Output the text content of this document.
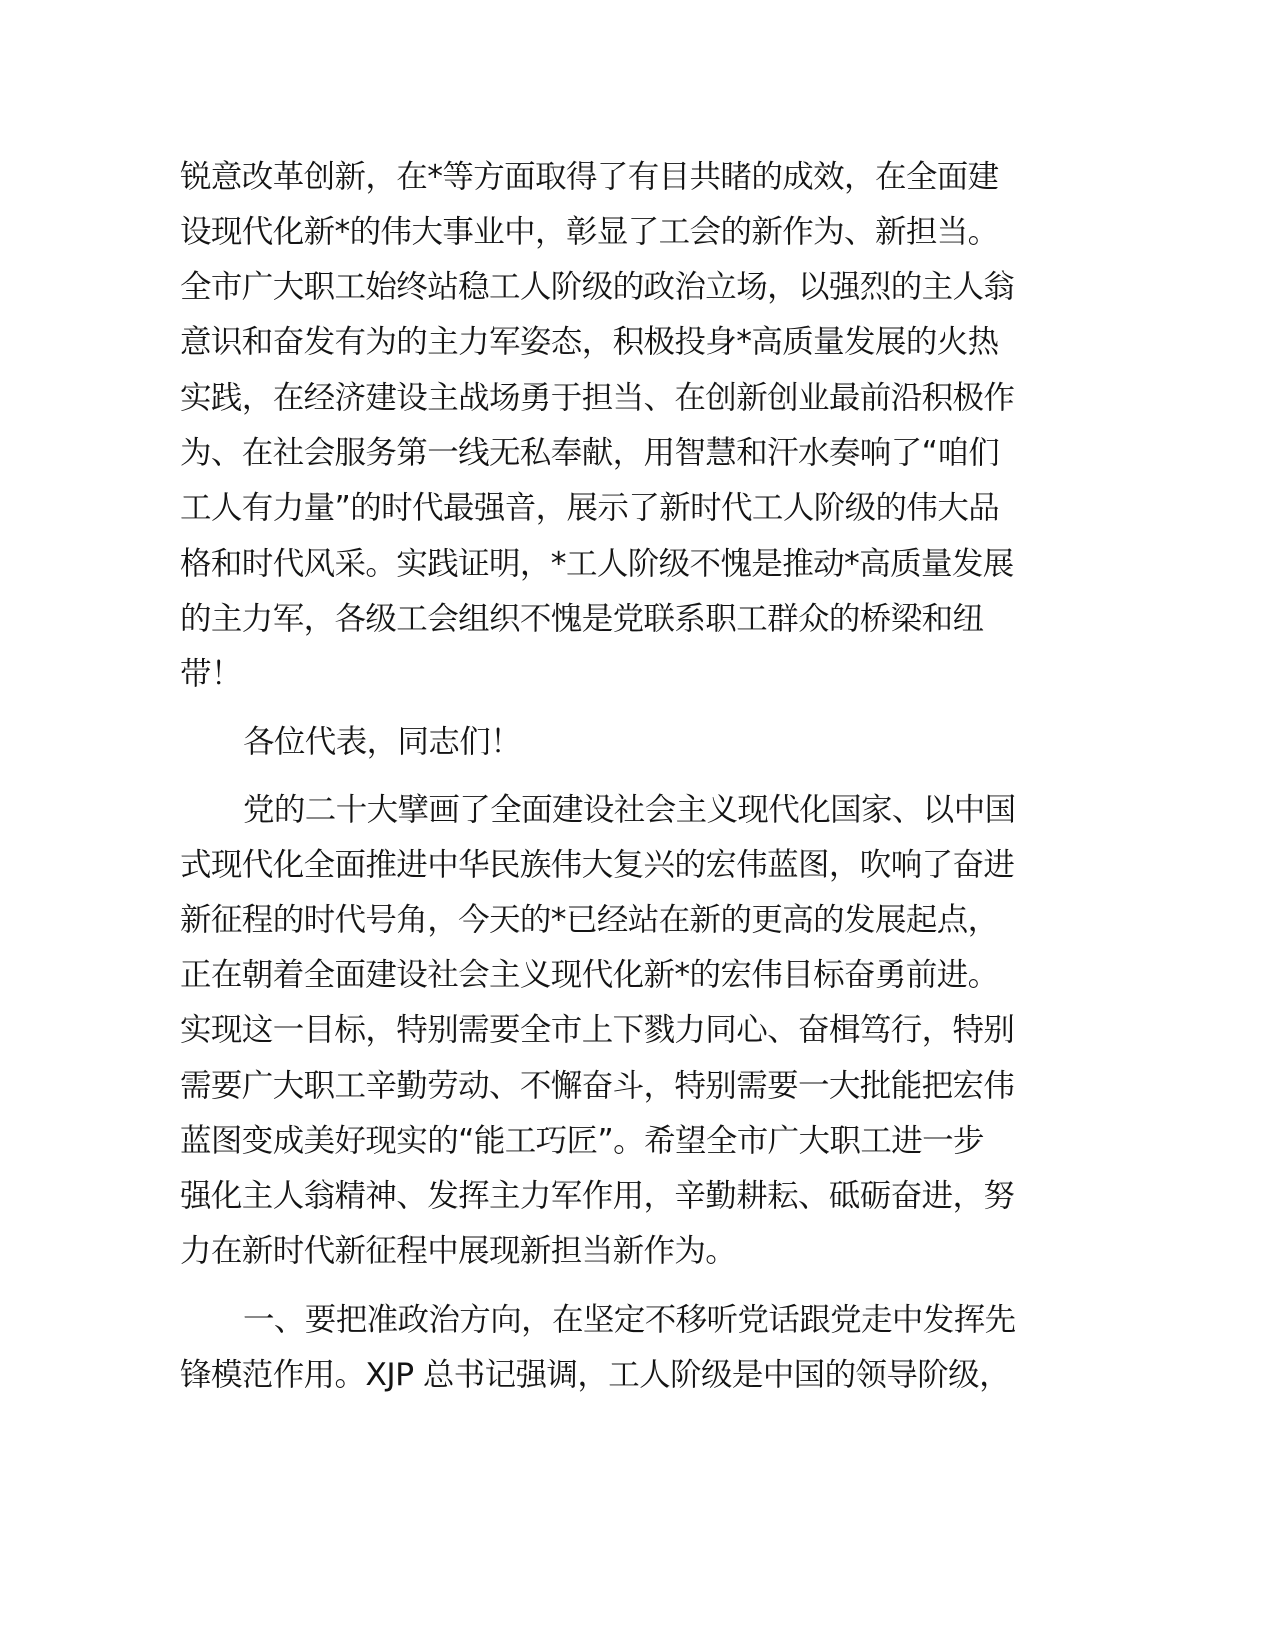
锐意改革创新，在*等方面取得了有目共睹的成效，在全面建
设现代化新*的伟大事业中，彰显了工会的新作为、新担当。
全市广大职工始终站稳工人阶级的政治立场，以强烈的主人翁
意识和奋发有为的主力军姿态，积极投身*高质量发展的火热
实践，在经济建设主战场勇于担当、在创新创业最前沿积极作
为、在社会服务第一线无私奉献，用智慧和汗水奏响了“咱们
工人有力量”的时代最强音，展示了新时代工人阶级的伟大品
格和时代风采。实践证明，*工人阶级不愧是推动*高质量发展
的主力军，各级工会组织不愧是党联系职工群众的桥梁和纽
带！
各位代表，同志们！
党的二十大擘画了全面建设社会主义现代化国家、以中国
式现代化全面推进中华民族伟大复兴的宏伟蓝图，吹响了奋进
新征程的时代号角，今天的*已经站在新的更高的发展起点，
正在朝着全面建设社会主义现代化新*的宏伟目标奋勇前进。
实现这一目标，特别需要全市上下戮力同心、奋楫笃行，特别
需要广大职工辛勤劳动、不懈奋斗，特别需要一大批能把宏伟
蓝图变成美好现实的“能工巧匠”。希望全市广大职工进一步
强化主人翁精神、发挥主力军作用，辛勤耕耘、砥砺奋进，努
力在新时代新征程中展现新担当新作为。
一、要把准政治方向，在坚定不移听党话跟党走中发挥先
锋模范作用。XJP 总书记强调，工人阶级是中国的领导阶级，
